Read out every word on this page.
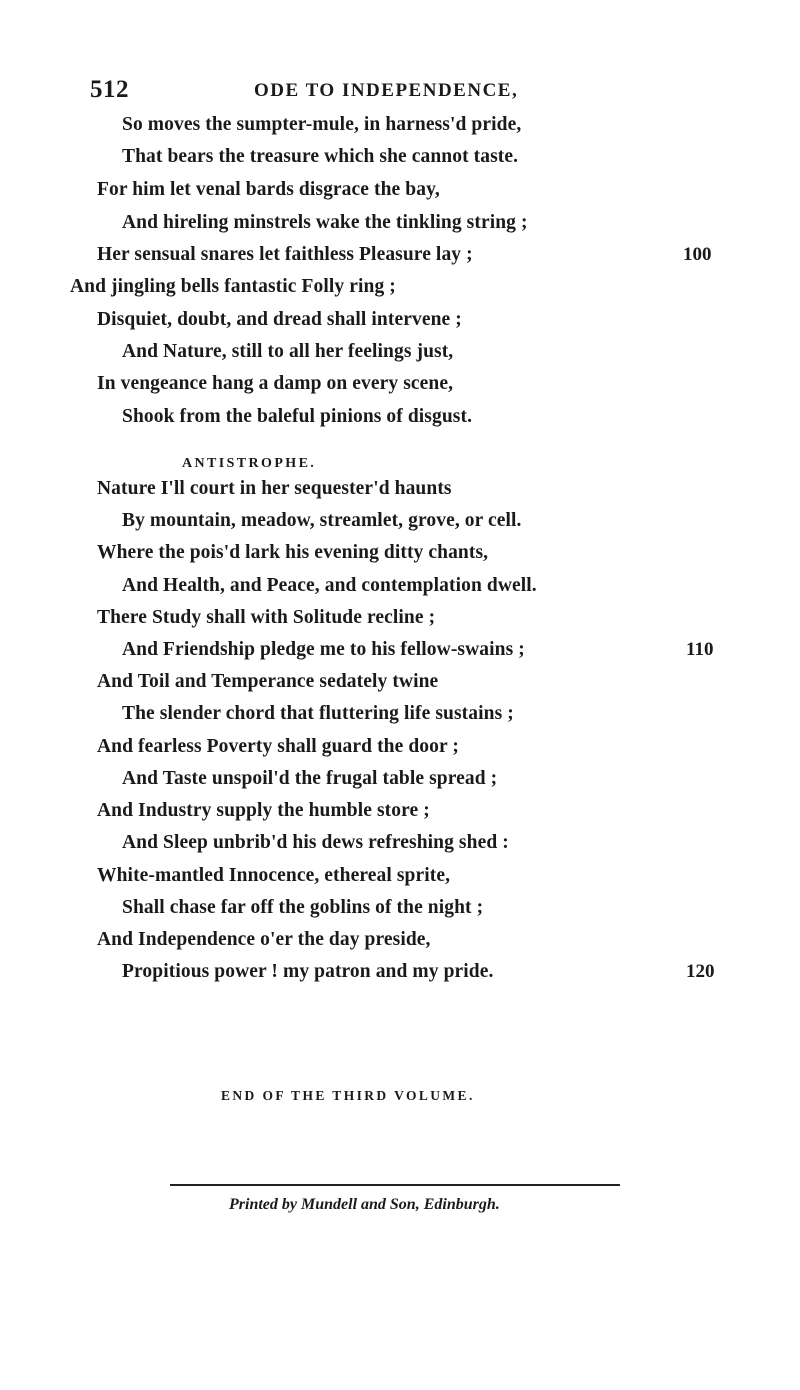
512	ODE TO INDEPENDENCE,
So moves the sumpter-mule, in harness'd pride,
That bears the treasure which she cannot taste.
For him let venal bards disgrace the bay,
And hireling minstrels wake the tinkling string ;
Her sensual snares let faithless Pleasure lay ;
And jingling bells fantastic Folly ring ;
Disquiet, doubt, and dread shall intervene ;
And Nature, still to all her feelings just,
In vengeance hang a damp on every scene,
Shook from the baleful pinions of disgust.
100
ANTISTROPHE.
Nature I'll court in her sequester'd haunts
By mountain, meadow, streamlet, grove, or cell.
Where the pois'd lark his evening ditty chants,
And Health, and Peace, and contemplation dwell.
There Study shall with Solitude recline ;
And Friendship pledge me to his fellow-swains ;
And Toil and Temperance sedately twine
The slender chord that fluttering life sustains ;
And fearless Poverty shall guard the door ;
And Taste unspoil'd the frugal table spread ;
And Industry supply the humble store ;
And Sleep unbrib'd his dews refreshing shed :
White-mantled Innocence, ethereal sprite,
Shall chase far off the goblins of the night ;
And Independence o'er the day preside,
Propitious power ! my patron and my pride.
110
120
END OF THE THIRD VOLUME.
Printed by Mundell and Son, Edinburgh.
